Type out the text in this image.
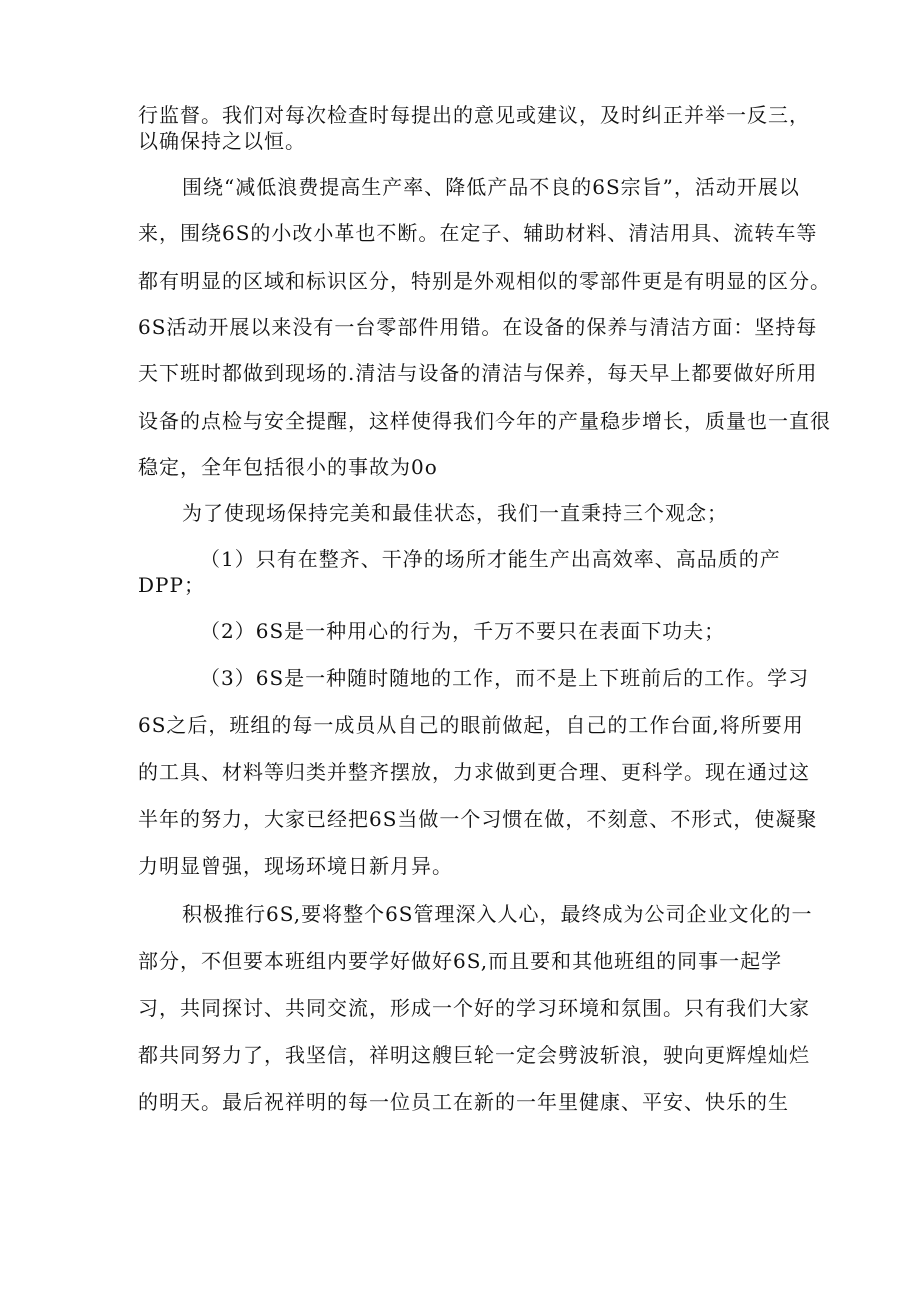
行监督。我们对每次检查时每提出的意见或建议，及时纠正并举一反三，
以确保持之以恒。
围绕“减低浪费提高生产率、降低产品不良的6S宗旨”，活动开展以
来，围绕6S的小改小革也不断。在定子、辅助材料、清洁用具、流转车等
都有明显的区域和标识区分，特别是外观相似的零部件更是有明显的区分。
6S活动开展以来没有一台零部件用错。在设备的保养与清洁方面：坚持每
天下班时都做到现场的.清洁与设备的清洁与保养，每天早上都要做好所用
设备的点检与安全提醒，这样使得我们今年的产量稳步增长，质量也一直很
稳定，全年包括很小的事故为0o
为了使现场保持完美和最佳状态，我们一直秉持三个观念；
（1）只有在整齐、干净的场所才能生产出高效率、高品质的产
DPP；
（2）6S是一种用心的行为，千万不要只在表面下功夫；
（3）6S是一种随时随地的工作，而不是上下班前后的工作。学习
6S之后，班组的每一成员从自己的眼前做起，自己的工作台面,将所要用
的工具、材料等归类并整齐摆放，力求做到更合理、更科学。现在通过这
半年的努力，大家已经把6S当做一个习惯在做，不刻意、不形式，使凝聚
力明显曾强，现场环境日新月异。
积极推行6S,要将整个6S管理深入人心，最终成为公司企业文化的一
部分，不但要本班组内要学好做好6S,而且要和其他班组的同事一起学
习，共同探讨、共同交流，形成一个好的学习环境和氛围。只有我们大家
都共同努力了，我坚信，祥明这艘巨轮一定会劈波斩浪，驶向更辉煌灿烂
的明天。最后祝祥明的每一位员工在新的一年里健康、平安、快乐的生
